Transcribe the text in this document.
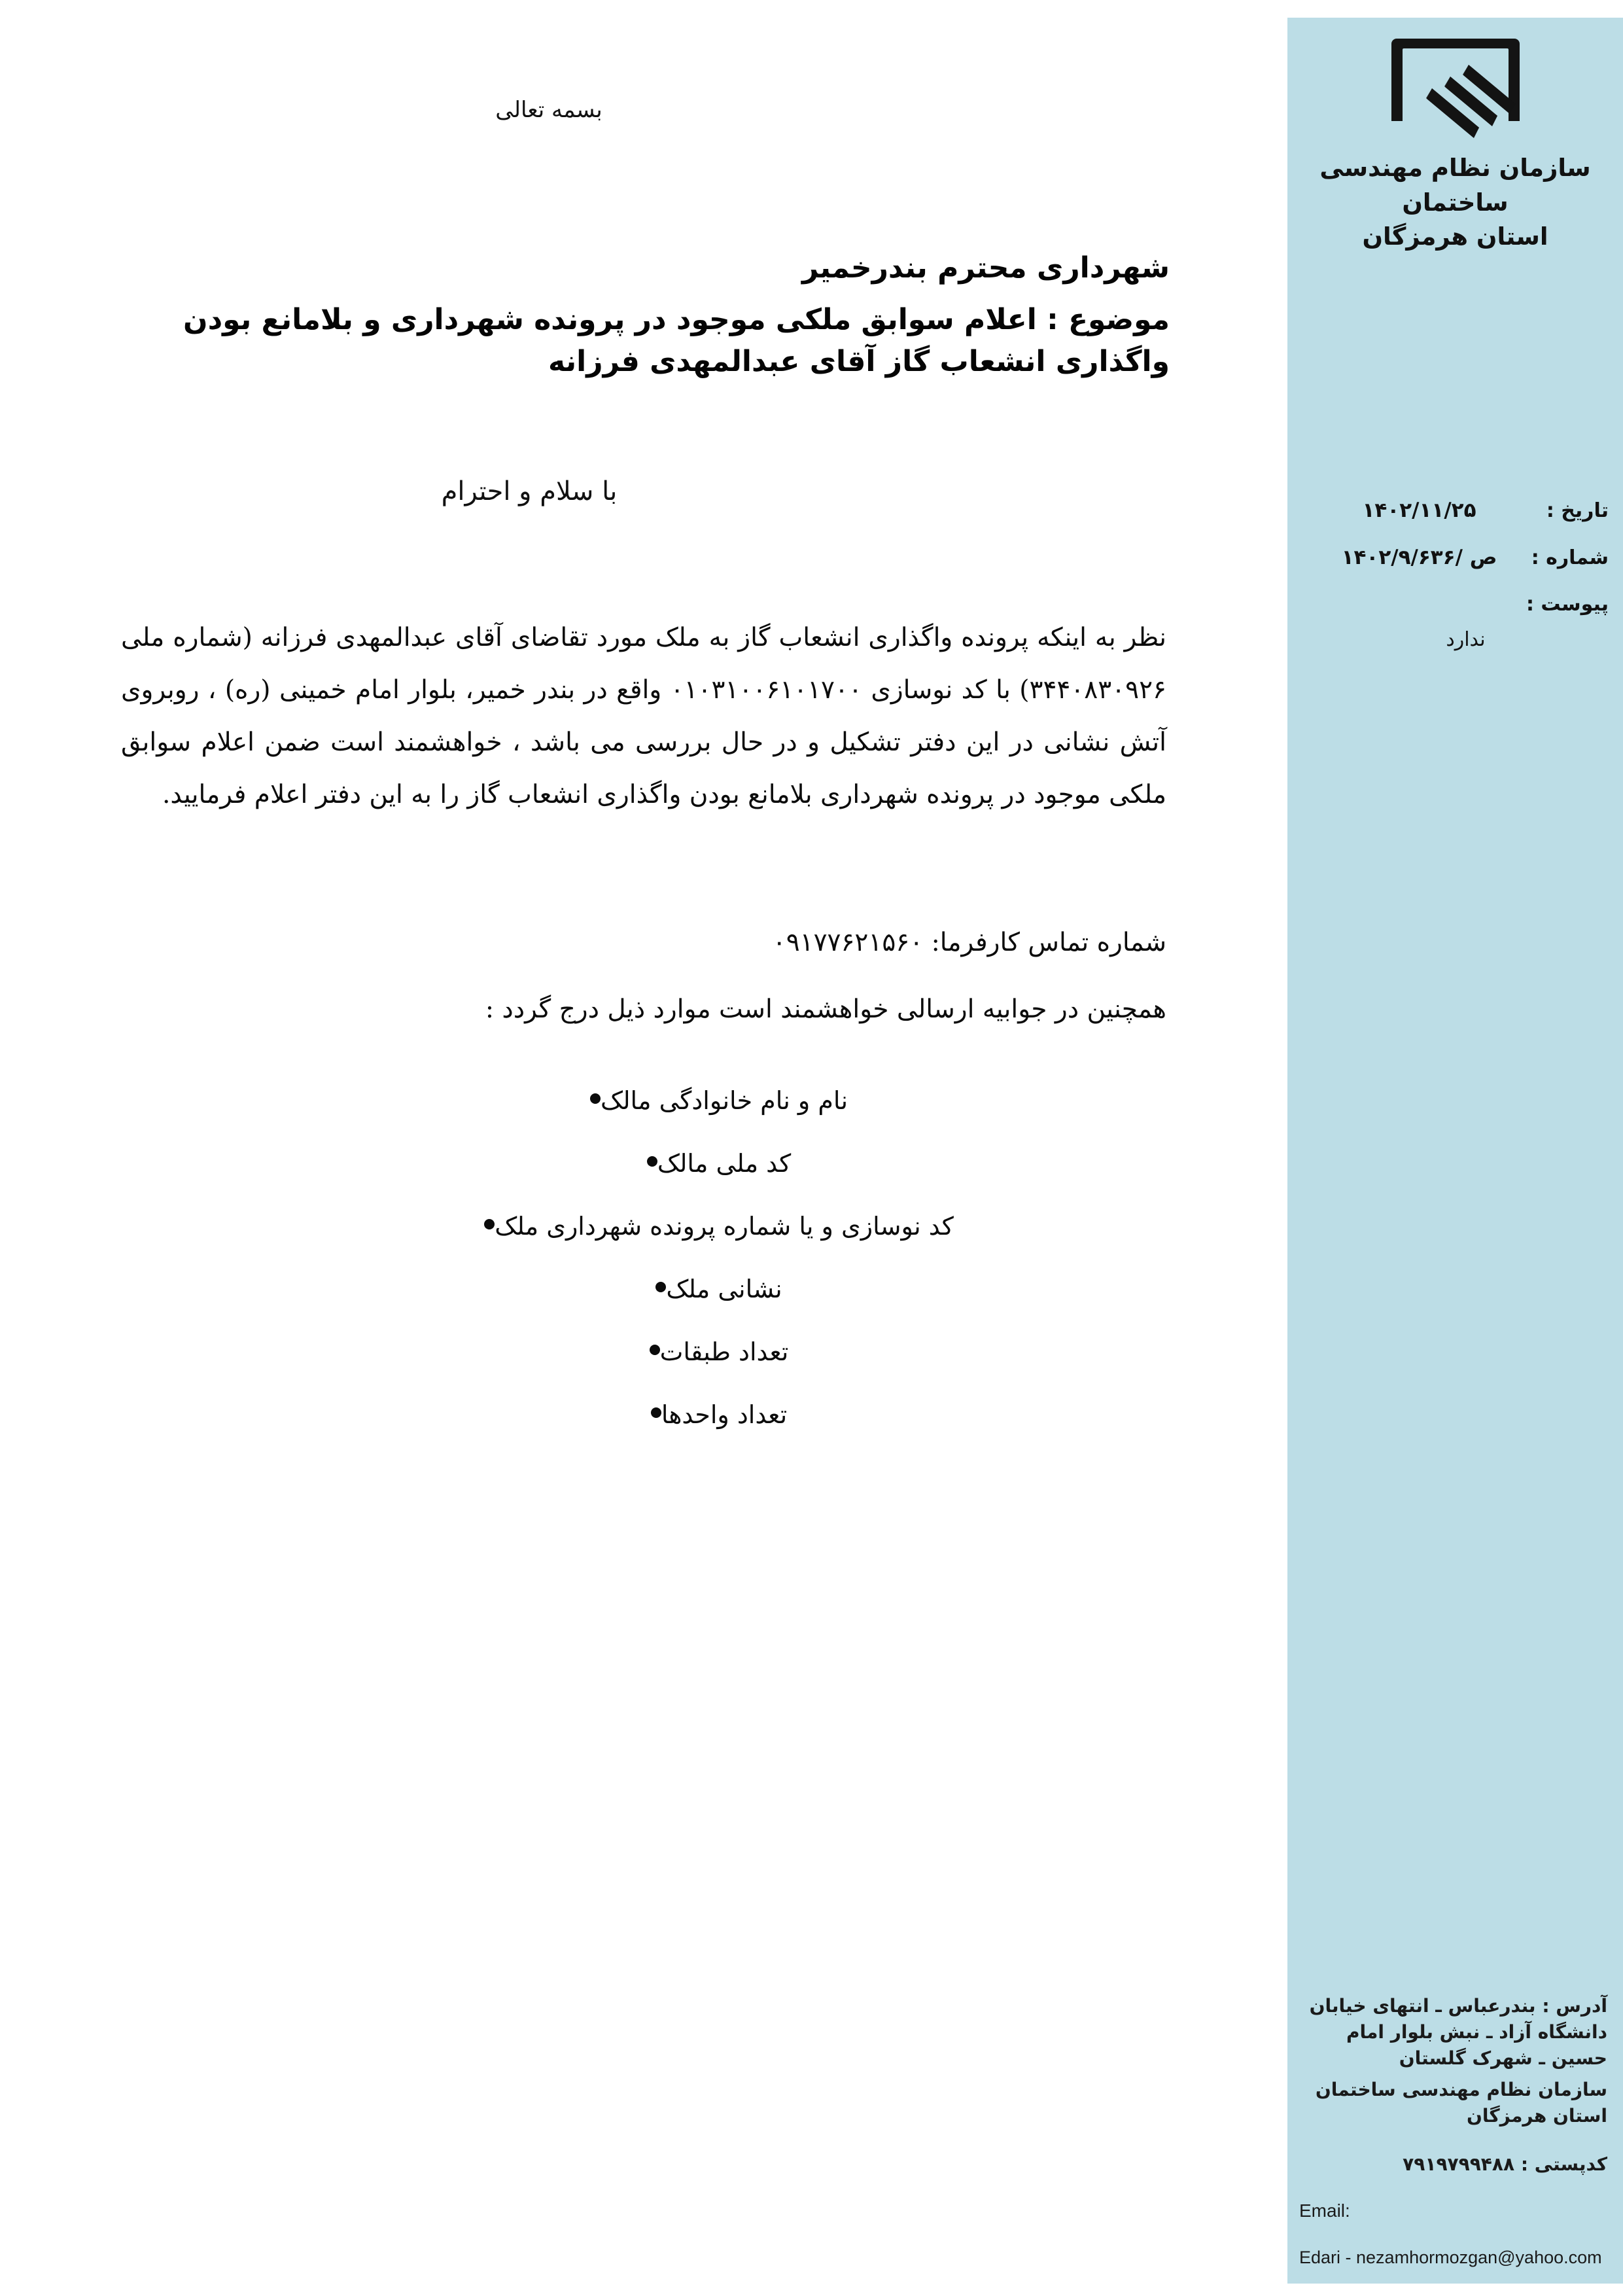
بسمه تعالی

شهرداری محترم بندرخمیر

موضوع : اعلام سوابق ملکی موجود در پرونده شهرداری و بلامانع بودن واگذاری انشعاب گاز آقای عبدالمهدی فرزانه

با سلام و احترام
نظر به اینکه پرونده واگذاری انشعاب گاز به ملک مورد تقاضای آقای عبدالمهدی فرزانه (شماره ملی ۳۴۴۰۸۳۰۹۲۶) با کد نوسازی ۰۱۰۳۱۰۰۶۱۰۱۷۰۰ واقع در بندر خمیر، بلوار امام خمینی (ره) ، روبروی آتش نشانی در این دفتر تشکیل و در حال بررسی می باشد ، خواهشمند است ضمن اعلام سوابق ملکی موجود در پرونده شهرداری بلامانع بودن واگذاری انشعاب گاز را به این دفتر اعلام فرمایید.
شماره تماس کارفرما: ۰۹۱۷۷۶۲۱۵۶۰
همچنین در جوابیه ارسالی خواهشمند است موارد ذیل درج گردد :
نام و نام خانوادگی مالک
کد ملی مالک
کد نوسازی و یا شماره پرونده شهرداری ملک
نشانی ملک
تعداد طبقات
تعداد واحدها
سازمان نظام مهندسی ساختمان
استان هرمزگان
تاریخ :
۱۴۰۲/۱۱/۲۵
شماره :
ص /۱۴۰۲/۹/۶۳۶
پیوست :
ندارد
آدرس : بندرعباس ـ انتهای خیابان دانشگاه آزاد ـ نبش بلوار امام حسین ـ شهرک گلستان
سازمان نظام مهندسی ساختمان
استان هرمزگان
کدپستی : ۷۹۱۹۷۹۹۴۸۸
Email:
Edari - nezamhormozgan@yahoo.com
